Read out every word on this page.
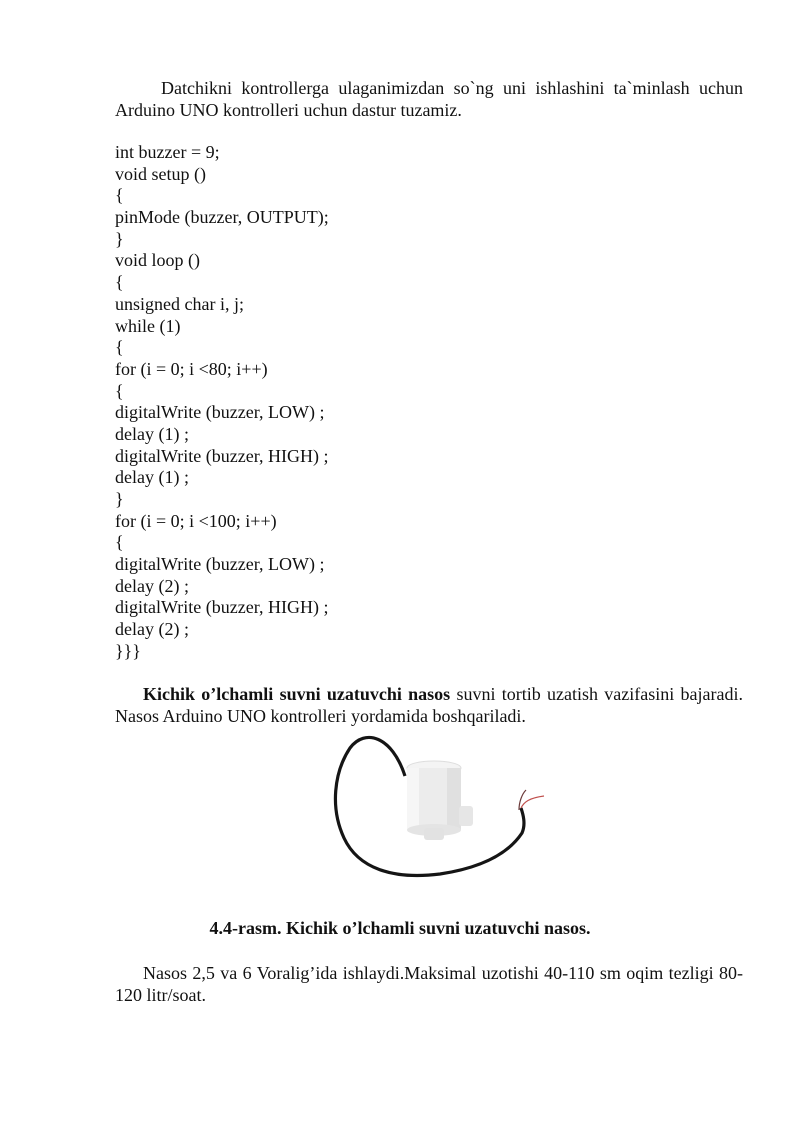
Datchikni kontrollerga ulaganimizdan so`ng uni ishlashini ta`minlash uchun Arduino UNO kontrolleri uchun dastur tuzamiz.

int buzzer = 9;
void setup ()
{
pinMode (buzzer, OUTPUT);
}
void loop ()
{
unsigned char i, j;
while (1)
{
for (i = 0; i <80; i++)
{
digitalWrite (buzzer, LOW) ;
delay (1) ;
digitalWrite (buzzer, HIGH) ;
delay (1) ;
}
for (i = 0; i <100; i++)
{
digitalWrite (buzzer, LOW) ;
delay (2) ;
digitalWrite (buzzer, HIGH) ;
delay (2) ;
}}}

Kichik o’lchamli suvni uzatuvchi nasos suvni tortib uzatish vazifasini bajaradi. Nasos Arduino UNO kontrolleri yordamida boshqariladi.

4.4-rasm. Kichik o’lchamli suvni uzatuvchi nasos.

Nasos 2,5 va 6 Voralig’ida ishlaydi.Maksimal uzotishi 40-110 sm oqim tezligi 80-120 litr/soat.
